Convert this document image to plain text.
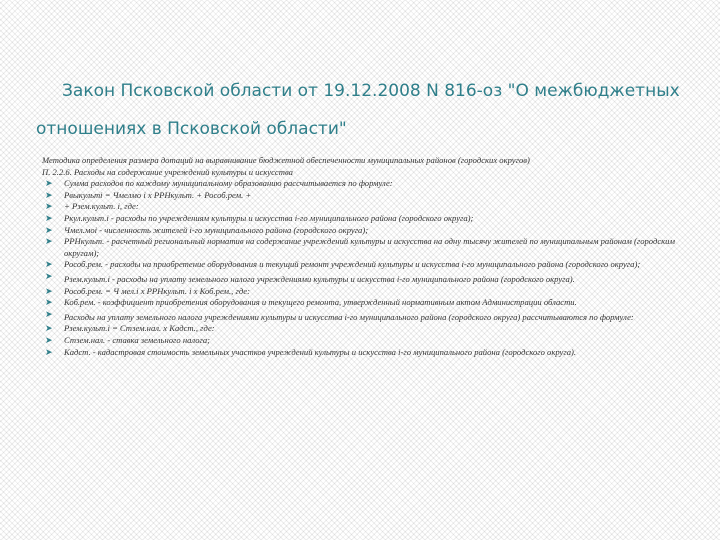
Закон Псковской области от 19.12.2008 N 816-оз "О межбюджетных
отношениях в Псковской области"

Методика определения размера дотаций на выравнивание бюджетной обеспеченности муниципальных районов (городских округов)

П. 2.2.6. Расходы на содержание учреждений культуры и искусства

➤ Сумма расходов по каждому муниципальному образованию рассчитывается по формуле:
➤ Рвыкультi = Чмелмо i x РРНкульт. + Рособ.рем. +
➤ + Рзем.культ. i, где:
➤ Ркул.культ.i - расходы по учреждениям культуры и искусства i-го муниципального района (городского округа);
➤ Чмел.моi - численность жителей i-го муниципального района (городского округа);
➤ РРНкульт. - расчетный региональный норматив на содержание учреждений культуры и искусства на одну тысячу жителей по муниципальным районам (городским округам);
➤ Рособ.рем. - расходы на приобретение оборудования и текущий ремонт учреждений культуры и искусства i-го муниципального района (городского округа);
➤ Рзем.культ.i - расходы на уплату земельного налога учреждениями культуры и искусства i-го муниципального района (городского округа).
➤ Рособ.рем. = Ч мел.i x РРНкульт. i x Коб.рем., где:
➤ Коб.рем. - коэффициент приобретения оборудования и текущего ремонта, утвержденный нормативным актом Администрации области.
➤ Расходы на уплату земельного налога учреждениями культуры и искусства i-го муниципального района (городского округа) рассчитываются по формуле:
➤ Рзем.культ.i = Стзем.нал. x Кадст., где:
➤ Стзем.нал. - ставка земельного налога;
➤ Кадст. - кадастровая стоимость земельных участков учреждений культуры и искусства i-го муниципального района (городского округа).
